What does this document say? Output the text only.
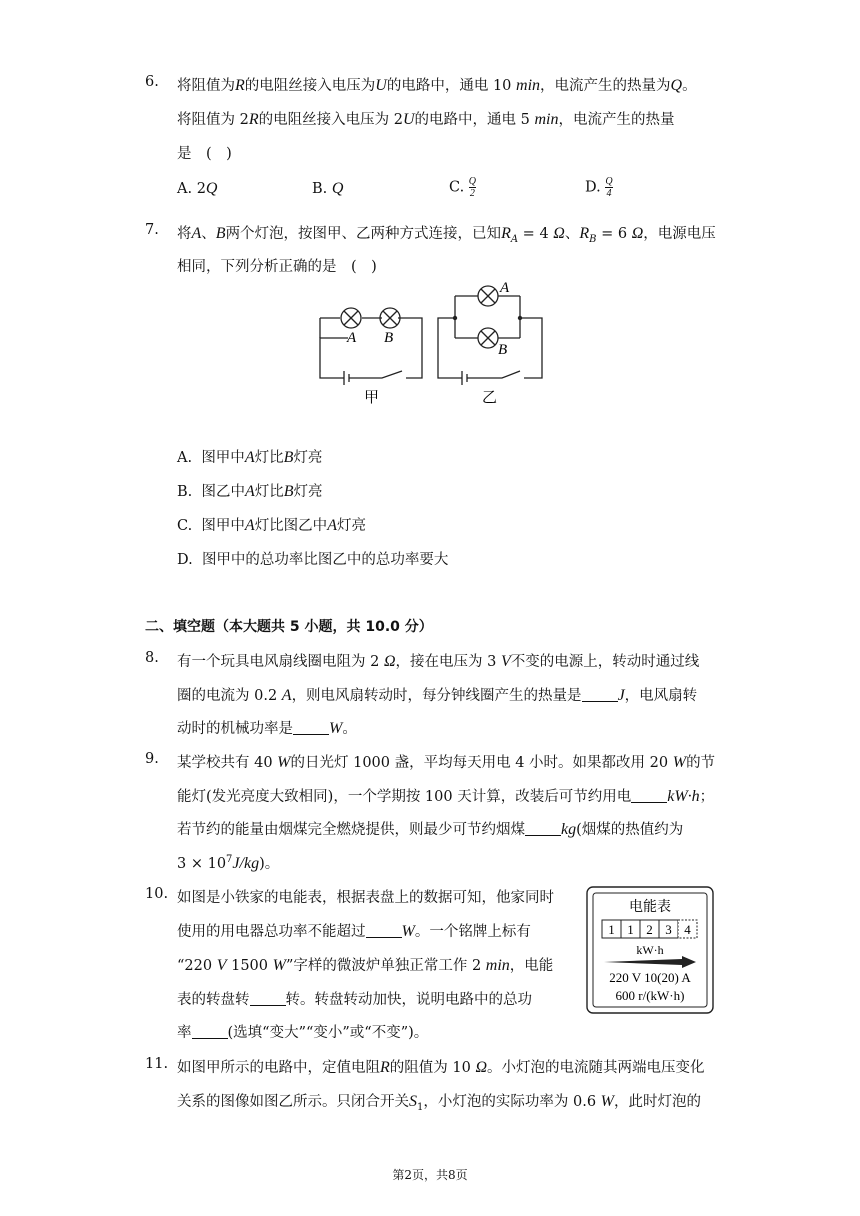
6. 将阻值为R的电阻丝接入电压为U的电路中，通电 10 min，电流产生的热量为Q。
将阻值为 2R的电阻丝接入电压为 2U的电路中，通电 5 min，电流产生的热量
是　(　)
A. 2Q	B. Q	C. $\frac{Q}{2}$	D. $\frac{Q}{4}$
7. 将A、B两个灯泡，按图甲、乙两种方式连接，已知$R_A = 4$ Ω、$R_B = 6$ Ω，电源电压
相同，下列分析正确的是　(　)
A B
甲
A
B
乙
A. 图甲中A灯比B灯亮
B. 图乙中A灯比B灯亮
C. 图甲中A灯比图乙中A灯亮
D. 图甲中的总功率比图乙中的总功率要大
二、填空题（本大题共 5 小题，共 10.0 分）
8. 有一个玩具电风扇线圈电阻为 2 Ω，接在电压为 3 V不变的电源上，转动时通过线
圈的电流为 0.2 A，则电风扇转动时，每分钟线圈产生的热量是 J，电风扇转
动时的机械功率是 W。
9. 某学校共有 40 W的日光灯 1000 盏，平均每天用电 4 小时。如果都改用 20 W的节
能灯(发光亮度大致相同)，一个学期按 100 天计算，改装后可节约用电 kW·h；
若节约的能量由烟煤完全燃烧提供，则最少可节约烟煤 kg(烟煤的热值约为
$3 \times 10^7J/kg$)。
10. 如图是小铁家的电能表，根据表盘上的数据可知，他家同时
使用的用电器总功率不能超过 W。一个铭牌上标有
“220 V 1500 W”字样的微波炉单独正常工作 2 min，电能
表的转盘转 转。转盘转动加快，说明电路中的总功
率 (选填“变大”“变小”或“不变”)。
电能表
1 1 2 3 4
kW·h
220 V 10(20) A
600 r/(kW·h)
11. 如图甲所示的电路中，定值电阻R的阻值为 10 Ω。小灯泡的电流随其两端电压变化
关系的图像如图乙所示。只闭合开关$S_1$，小灯泡的实际功率为 0.6 W，此时灯泡的
第2页，共8页
